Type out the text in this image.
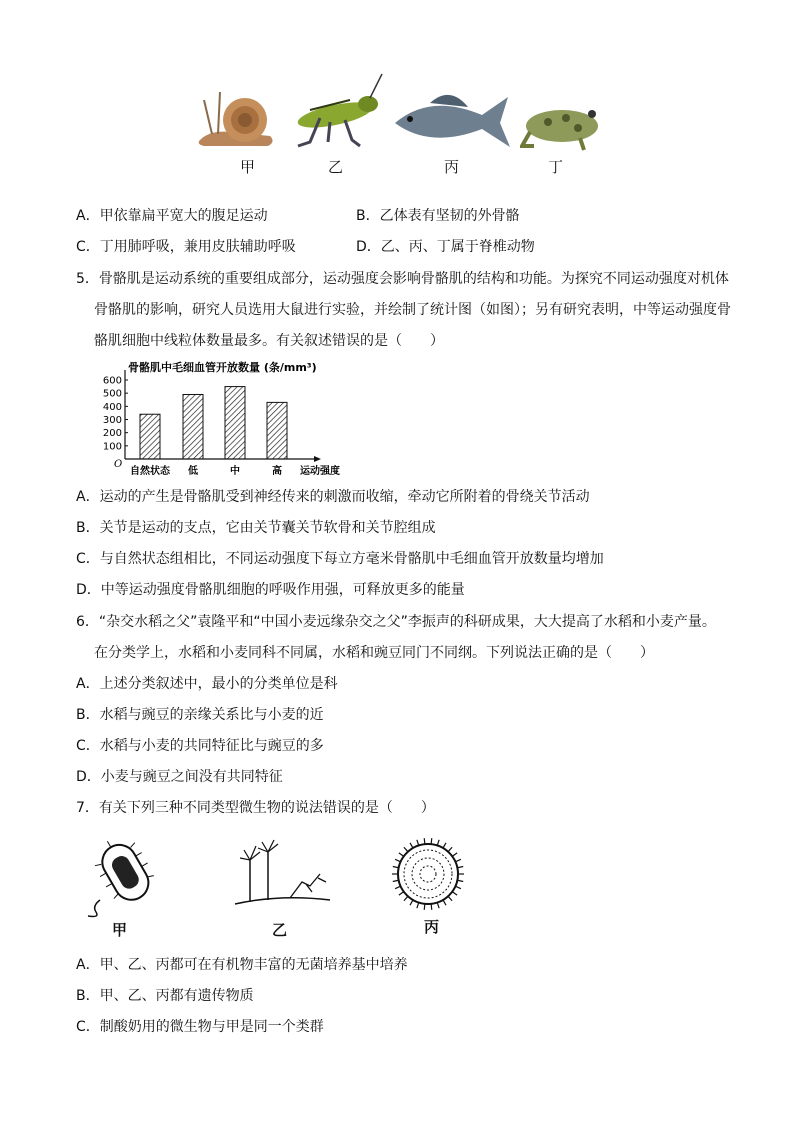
甲	乙	丙	丁
A．甲依靠扁平宽大的腹足运动	B．乙体表有坚韧的外骨骼
C．丁用肺呼吸，兼用皮肤辅助呼吸	D．乙、丙、丁属于脊椎动物
5．骨骼肌是运动系统的重要组成部分，运动强度会影响骨骼肌的结构和功能。为探究不同运动强度对机体
骨骼肌的影响，研究人员选用大鼠进行实验，并绘制了统计图（如图）；另有研究表明，中等运动强度骨
骼肌细胞中线粒体数量最多。有关叙述错误的是（　　）
骨骼肌中毛细血管开放数量 (条/mm³)
O
运动强度
100
200
300
400
500
600
自然状态 低	中	高
A．运动的产生是骨骼肌受到神经传来的刺激而收缩，牵动它所附着的骨绕关节活动
B．关节是运动的支点，它由关节囊关节软骨和关节腔组成
C．与自然状态组相比，不同运动强度下每立方毫米骨骼肌中毛细血管开放数量均增加
D．中等运动强度骨骼肌细胞的呼吸作用强，可释放更多的能量
6．“杂交水稻之父”袁隆平和“中国小麦远缘杂交之父”李振声的科研成果，大大提高了水稻和小麦产量。
在分类学上，水稻和小麦同科不同属，水稻和豌豆同门不同纲。下列说法正确的是（　　）
A．上述分类叙述中，最小的分类单位是科
B．水稻与豌豆的亲缘关系比与小麦的近
C．水稻与小麦的共同特征比与豌豆的多
D．小麦与豌豆之间没有共同特征
7．有关下列三种不同类型微生物的说法错误的是（　　）
甲	乙	丙
A．甲、乙、丙都可在有机物丰富的无菌培养基中培养
B．甲、乙、丙都有遗传物质
C．制酸奶用的微生物与甲是同一个类群
